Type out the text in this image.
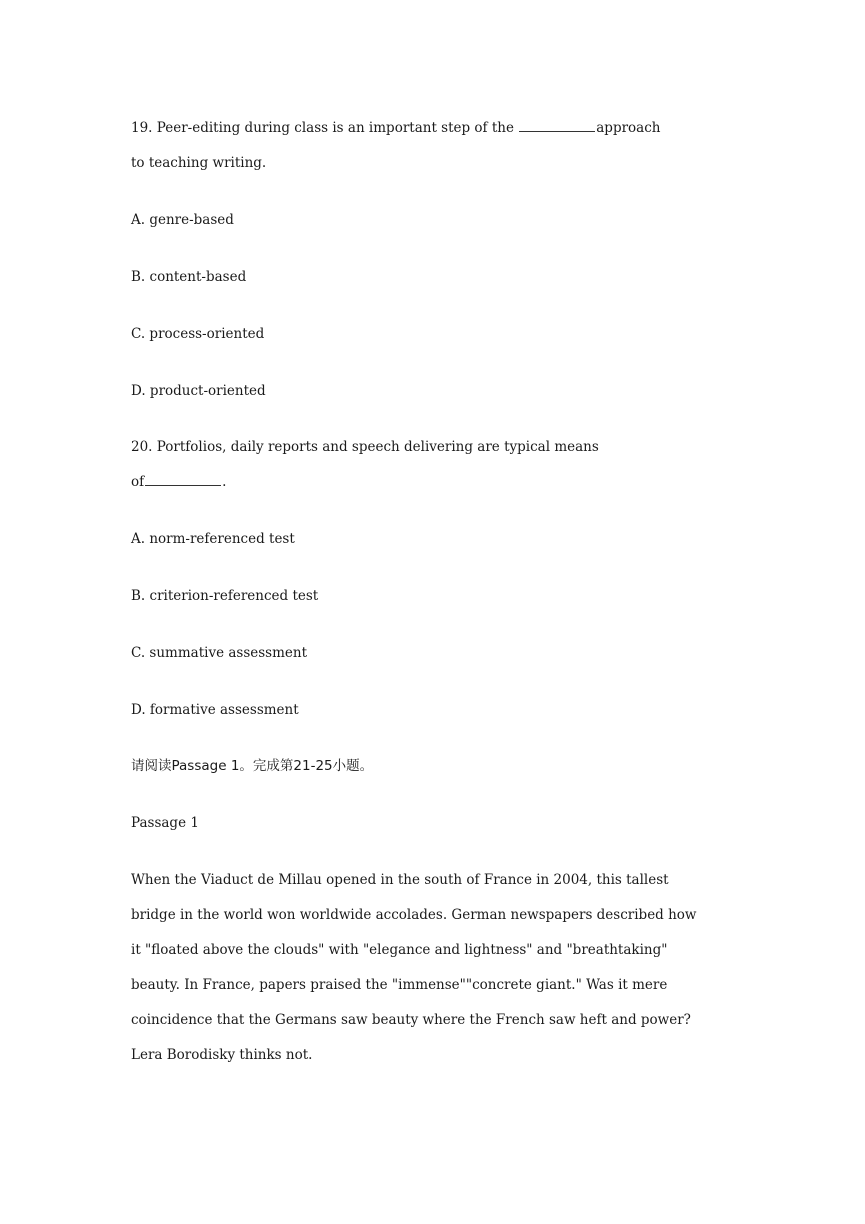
19. Peer-editing during class is an important step of the	approach

to teaching writing.

A. genre-based

B. content-based

C. process-oriented

D. product-oriented

20. Portfolios, daily reports and speech delivering are typical means

of	.

A. norm-referenced test

B. criterion-referenced test

C. summative assessment

D. formative assessment

请阅读Passage 1。完成第21-25小题。

Passage 1

When the Viaduct de Millau opened in the south of France in 2004, this tallest

bridge in the world won worldwide accolades. German newspapers described how

it "floated above the clouds" with "elegance and lightness" and "breathtaking"

beauty. In France, papers praised the "immense""concrete giant." Was it mere

coincidence that the Germans saw beauty where the French saw heft and power?

Lera Borodisky thinks not.
